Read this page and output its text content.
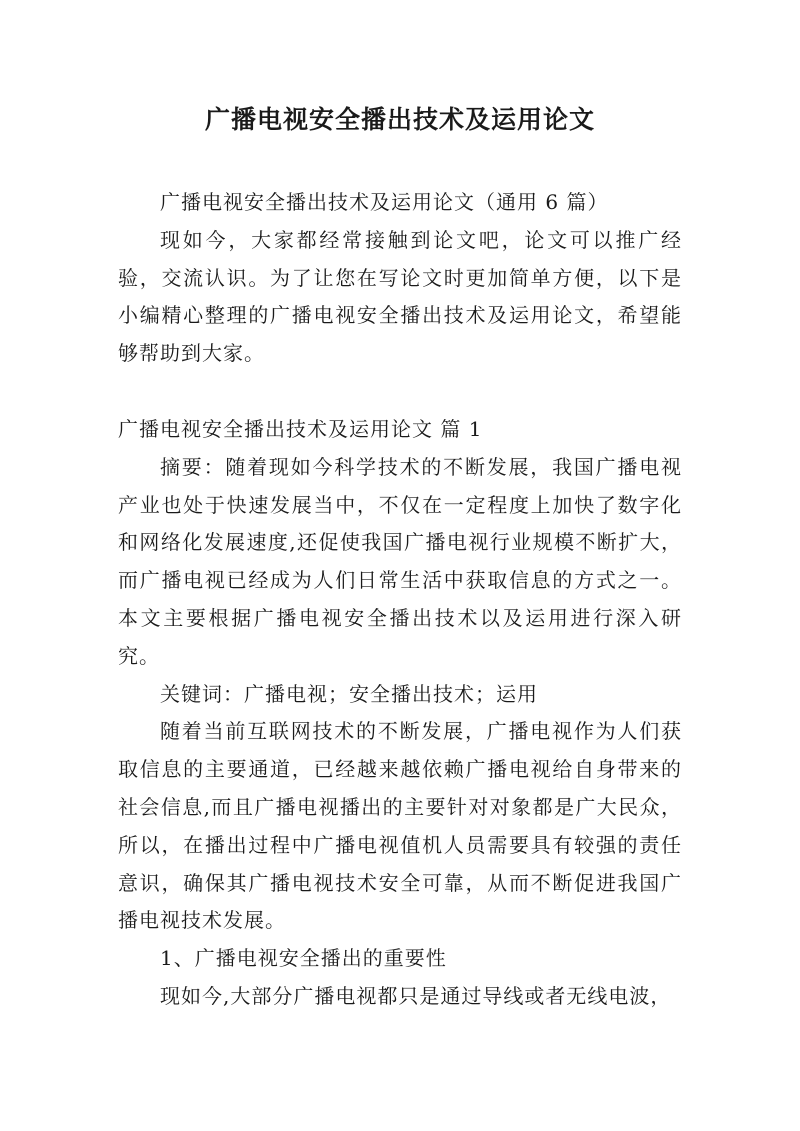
广播电视安全播出技术及运用论文

广播电视安全播出技术及运用论文（通用 6 篇）

现如今，大家都经常接触到论文吧，论文可以推广经验，交流认识。为了让您在写论文时更加简单方便，以下是小编精心整理的广播电视安全播出技术及运用论文，希望能够帮助到大家。

广播电视安全播出技术及运用论文 篇 1

摘要：随着现如今科学技术的不断发展，我国广播电视产业也处于快速发展当中，不仅在一定程度上加快了数字化和网络化发展速度,还促使我国广播电视行业规模不断扩大，而广播电视已经成为人们日常生活中获取信息的方式之一。本文主要根据广播电视安全播出技术以及运用进行深入研究。

关键词：广播电视；安全播出技术；运用

随着当前互联网技术的不断发展，广播电视作为人们获取信息的主要通道，已经越来越依赖广播电视给自身带来的社会信息,而且广播电视播出的主要针对对象都是广大民众，所以，在播出过程中广播电视值机人员需要具有较强的责任意识，确保其广播电视技术安全可靠，从而不断促进我国广播电视技术发展。

1、广播电视安全播出的重要性

现如今,大部分广播电视都只是通过导线或者无线电波，
